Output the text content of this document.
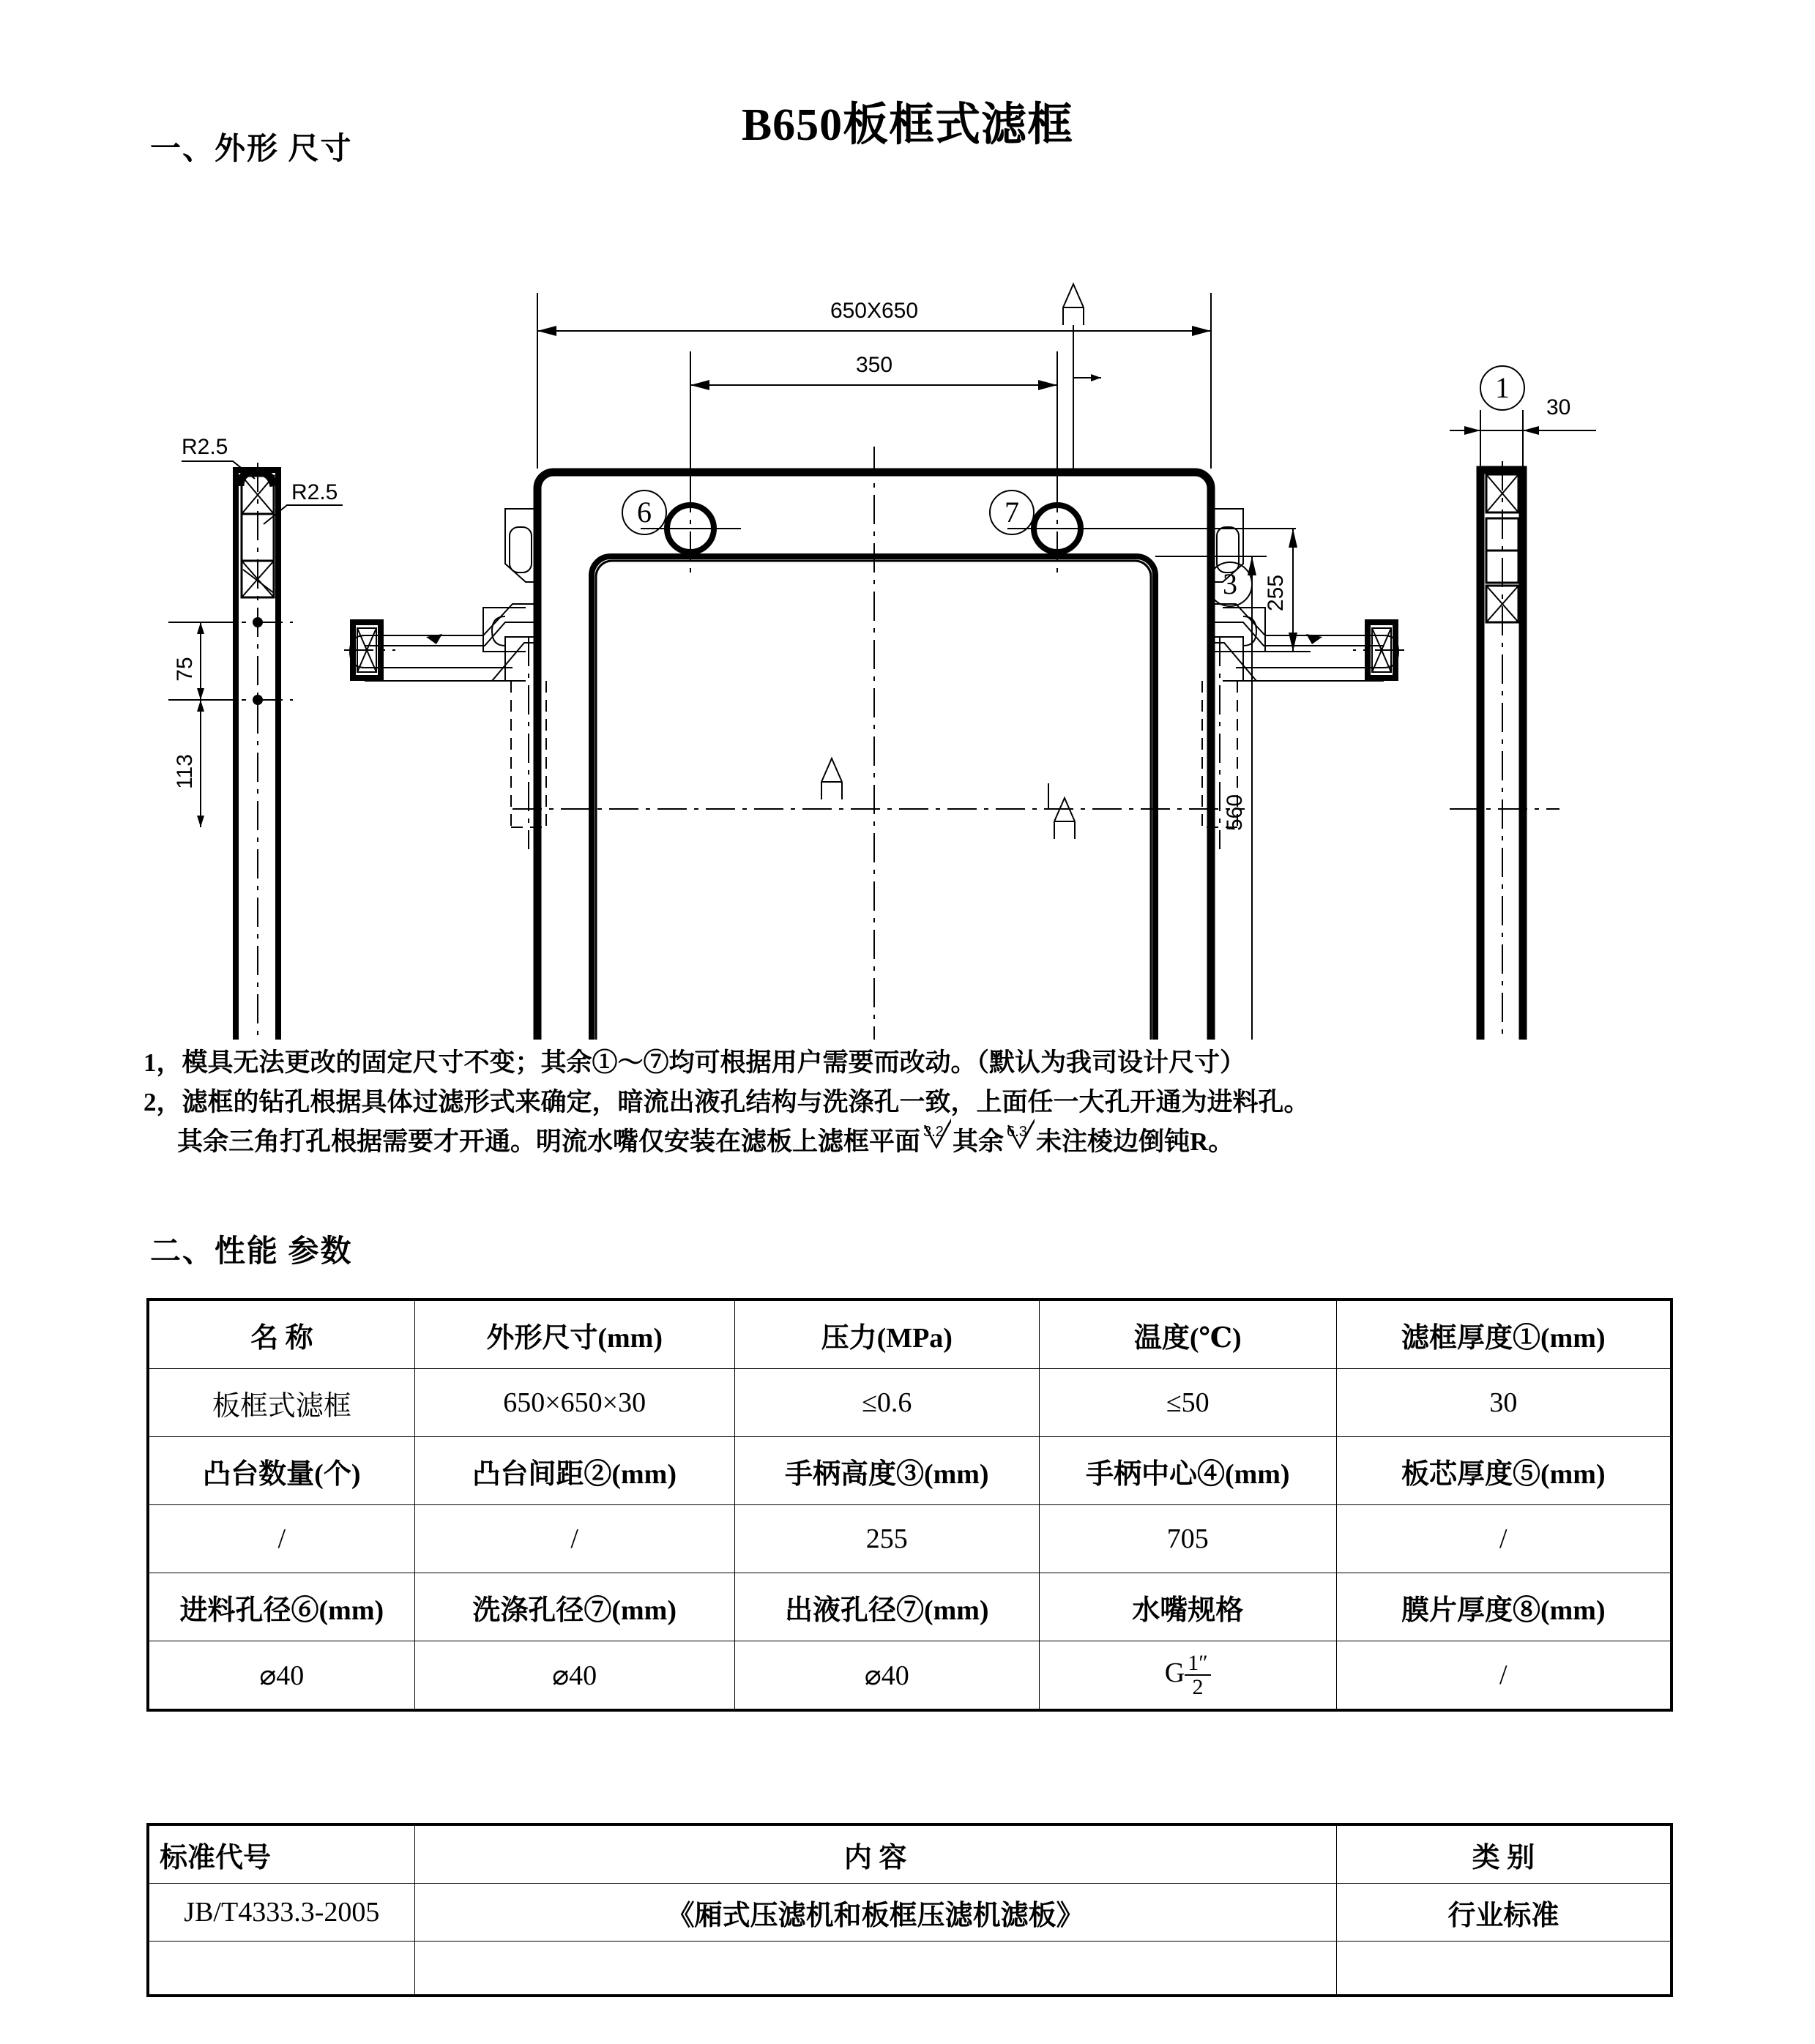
一、外形 尺寸	B650板框式滤框
R2.5
R2.5
75
113
6	7
650X650
350
255
3
560
30
1
1，模具无法更改的固定尺寸不变；其余①～⑦均可根据用户需要而改动。（默认为我司设计尺寸）
2，滤框的钻孔根据具体过滤形式来确定，暗流出液孔结构与洗涤孔一致，上面任一大孔开通为进料孔。
其余三角打孔根据需要才开通。明流水嘴仅安装在滤板上滤框平面 3.2 其余 6.3 未注棱边倒钝R。
二、性能 参数
名 称	外形尺寸(mm)	压力(MPa)	温度(℃)	滤框厚度①(mm)
板框式滤框	650×650×30	≤0.6	≤50	30
凸台数量(个)	凸台间距②(mm)	手柄高度③(mm)	手柄中心④(mm)	板芯厚度⑤(mm)
/	/	255	705	/
进料孔径⑥(mm)	洗涤孔径⑦(mm)	出液孔径⑦(mm)	水嘴规格	膜片厚度⑧(mm)
⌀40	⌀40	⌀40	G $\frac{1''}{2}$	/
标准代号	内 容	类 别
JB/T4333.3-2005	《厢式压滤机和板框压滤机滤板》	行业标准
